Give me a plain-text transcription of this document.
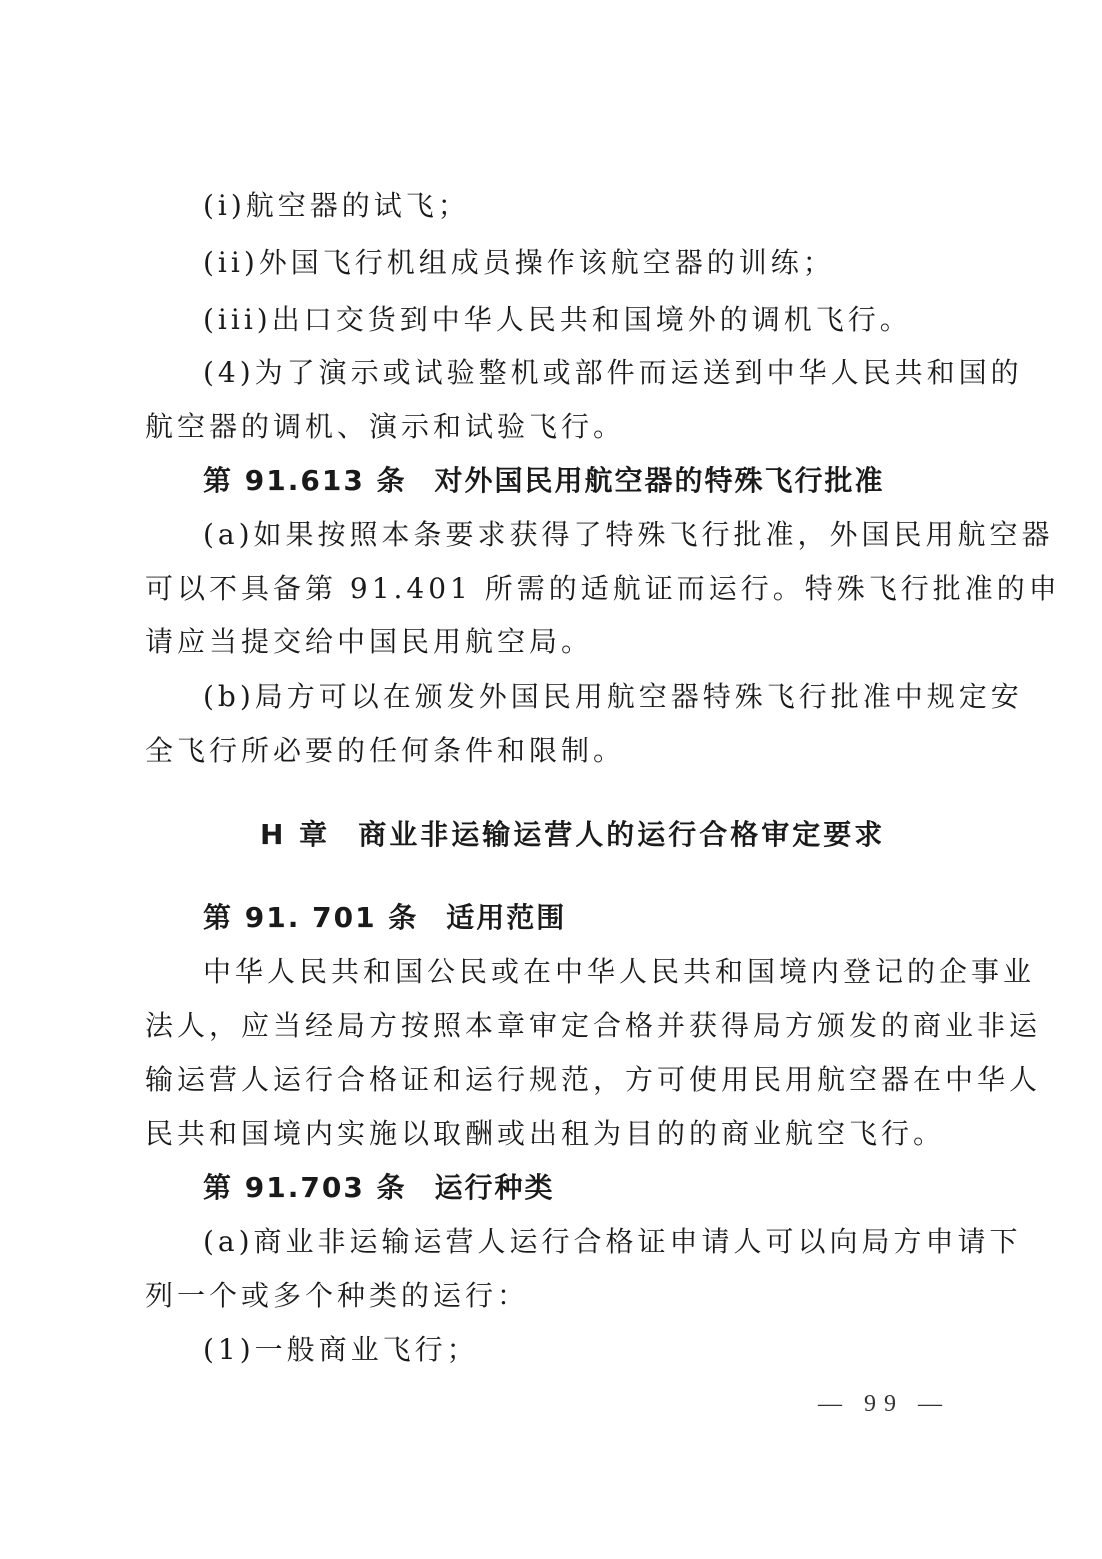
(i)航空器的试飞；
(ii)外国飞行机组成员操作该航空器的训练；
(iii)出口交货到中华人民共和国境外的调机飞行。
(4)为了演示或试验整机或部件而运送到中华人民共和国的
航空器的调机、演示和试验飞行。
第 91.613 条 对外国民用航空器的特殊飞行批准
(a)如果按照本条要求获得了特殊飞行批准，外国民用航空器
可以不具备第 91.401 所需的适航证而运行。特殊飞行批准的申
请应当提交给中国民用航空局。
(b)局方可以在颁发外国民用航空器特殊飞行批准中规定安
全飞行所必要的任何条件和限制。
H 章 商业非运输运营人的运行合格审定要求
第 91. 701 条 适用范围
中华人民共和国公民或在中华人民共和国境内登记的企事业
法人，应当经局方按照本章审定合格并获得局方颁发的商业非运
输运营人运行合格证和运行规范，方可使用民用航空器在中华人
民共和国境内实施以取酬或出租为目的的商业航空飞行。
第 91.703 条 运行种类
(a)商业非运输运营人运行合格证申请人可以向局方申请下
列一个或多个种类的运行：
(1)一般商业飞行；
— 99 —
